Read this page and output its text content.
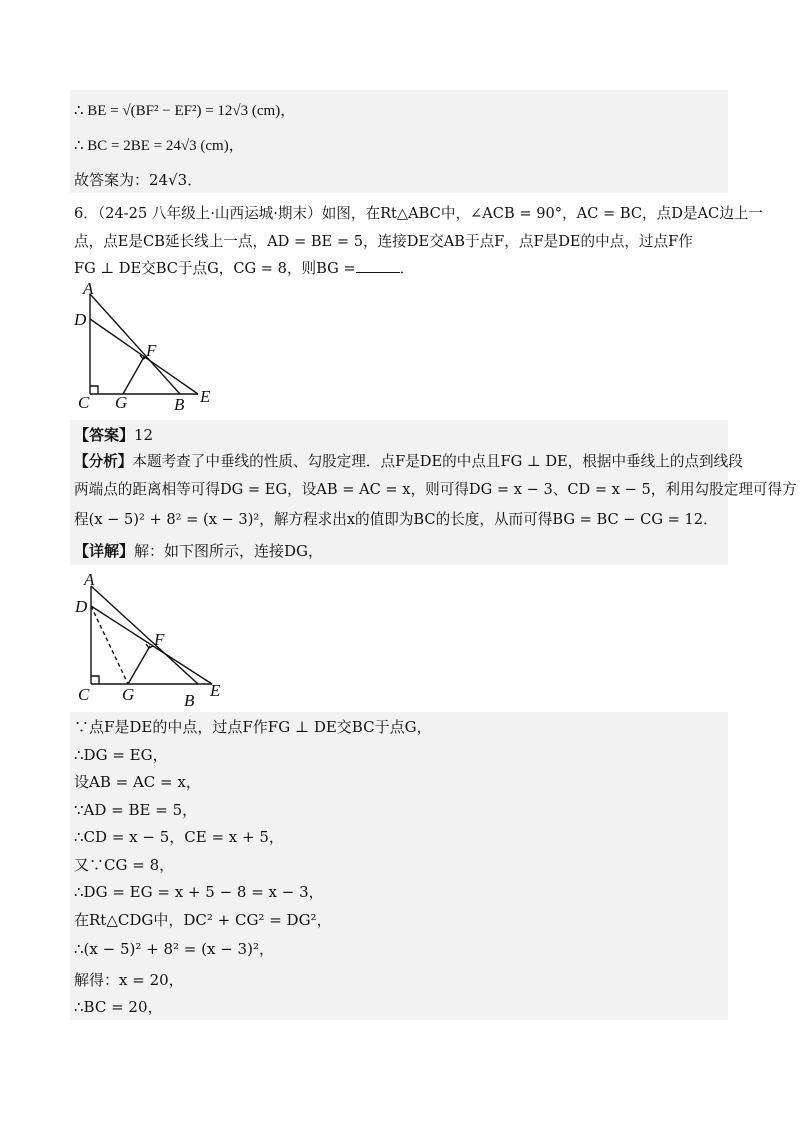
∴ BE = √(BF² − EF²) = 12√3 (cm)，
∴ BC = 2BE = 24√3 (cm)，
故答案为：24√3．
6．（24-25 八年级上·山西运城·期末）如图，在Rt△ABC中，∠ACB = 90°，AC = BC，点D是AC边上一
点，点E是CB延长线上一点，AD = BE = 5，连接DE交AB于点F，点F是DE的中点，过点F作
FG ⊥ DE交BC于点G，CG = 8，则BG =	．
A
D
F
C G	B E
【答案】12
【分析】本题考查了中垂线的性质、勾股定理．点F是DE的中点且FG ⊥ DE，根据中垂线上的点到线段
两端点的距离相等可得DG = EG，设AB = AC = x，则可得DG = x − 3、CD = x − 5，利用勾股定理可得方
程(x − 5)² + 8² = (x − 3)²，解方程求出x的值即为BC的长度，从而可得BG = BC − CG = 12．
【详解】解：如下图所示，连接DG，
A
D
F
C G	B
E
∵点F是DE的中点，过点F作FG ⊥ DE交BC于点G，
∴DG = EG，
设AB = AC = x，
∵AD = BE = 5，
∴CD = x − 5，CE = x + 5，
又∵CG = 8，
∴DG = EG = x + 5 − 8 = x − 3，
在Rt△CDG中，DC² + CG² = DG²，
∴(x − 5)² + 8² = (x − 3)²，
解得：x = 20，
∴BC = 20，
